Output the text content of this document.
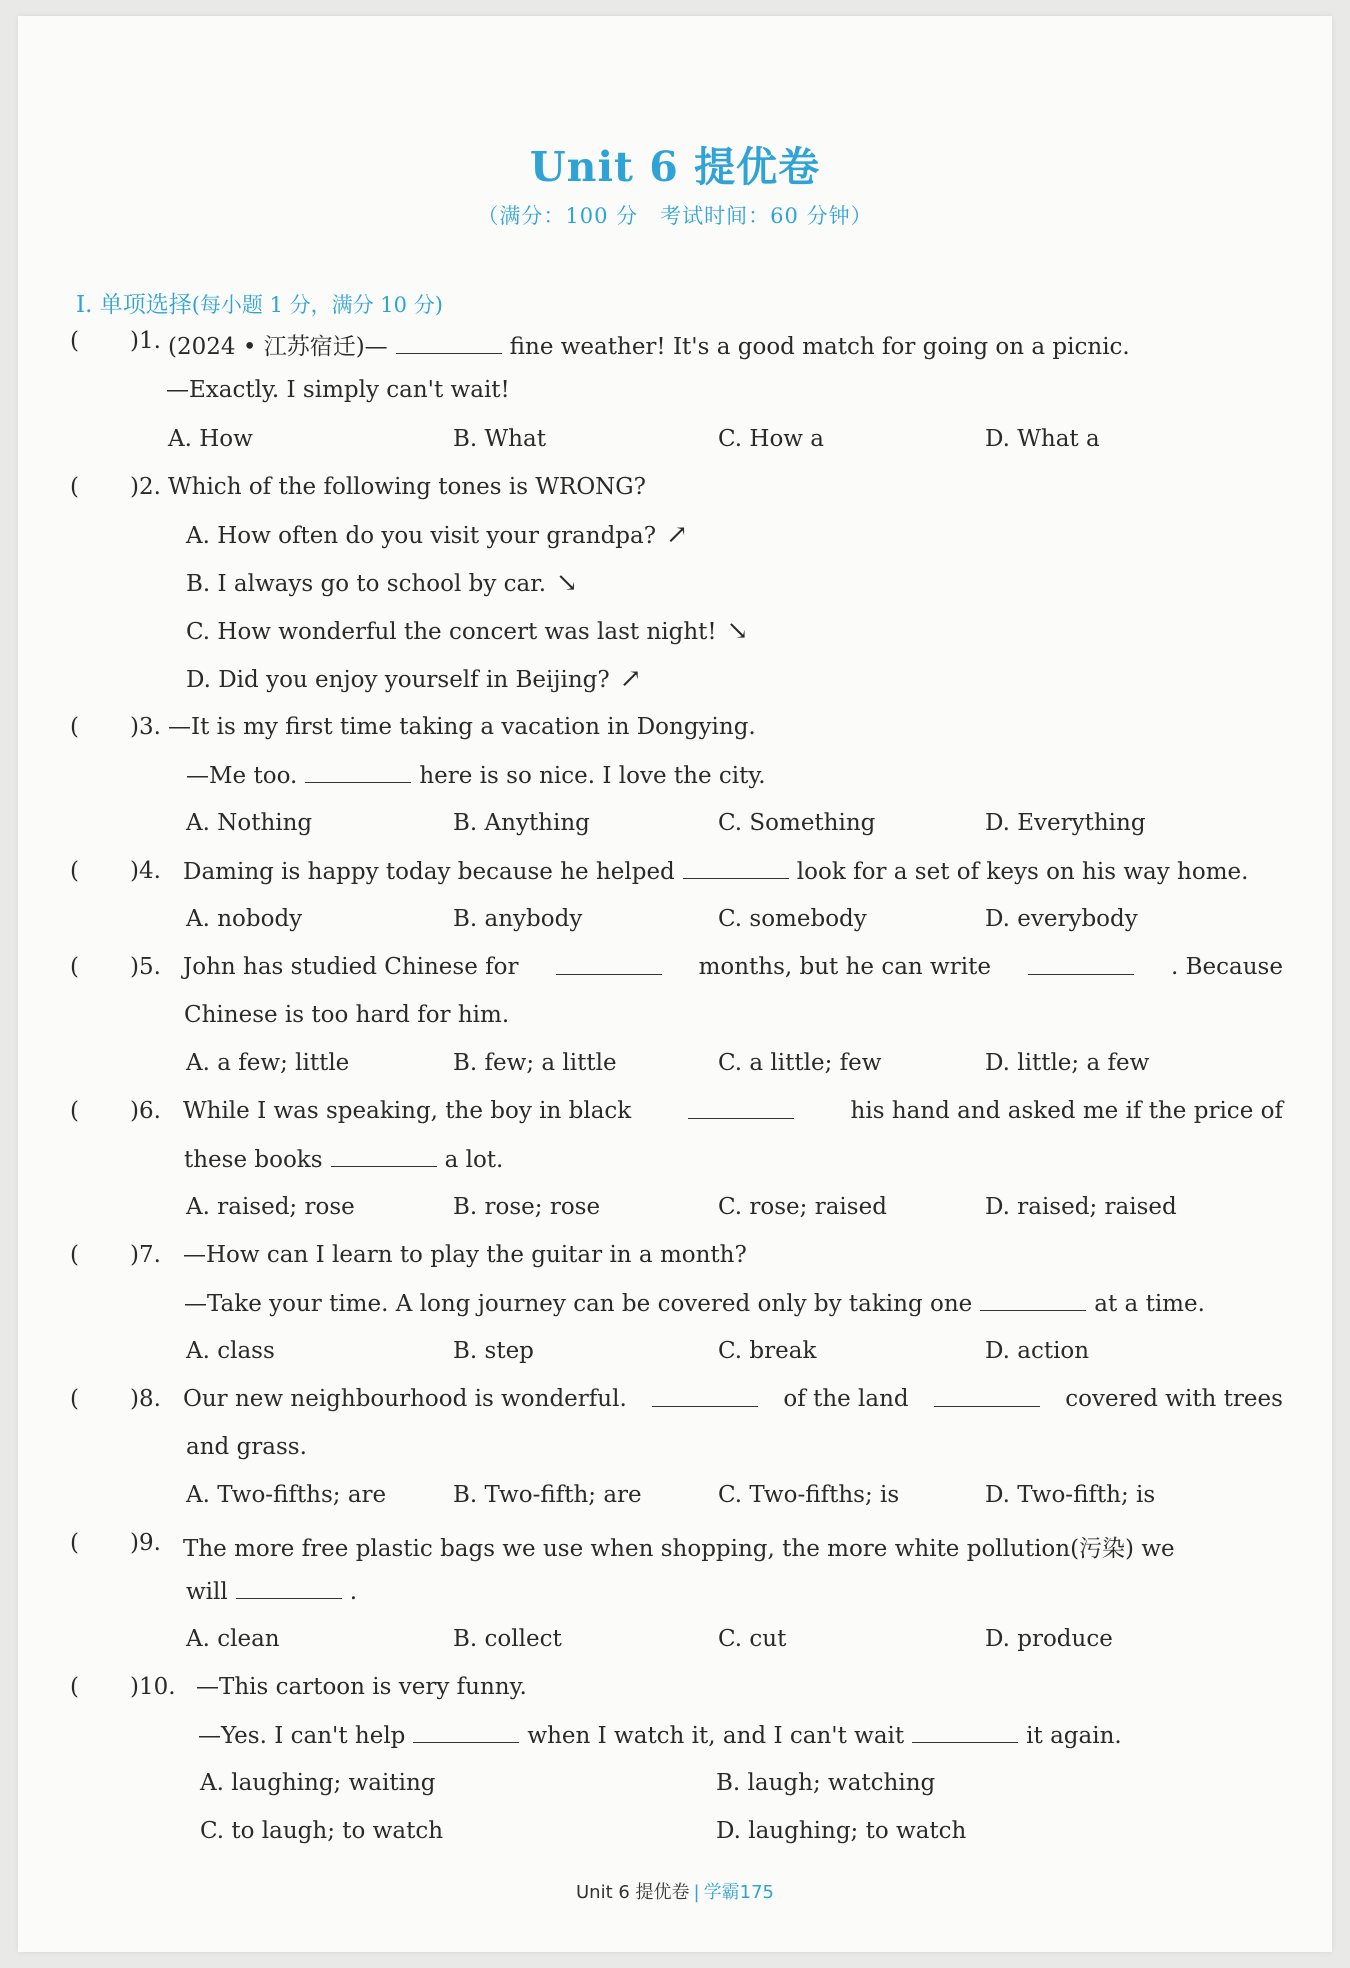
Unit 6 提优卷
（满分：100 分　考试时间：60 分钟）
Ⅰ. 单项选择(每小题 1 分，满分 10 分)
( )1. (2024 • 江苏宿迁)—	fine weather! It's a good match for going on a picnic.
—Exactly. I simply can't wait!
A. How	B. What	C. How a	D. What a
( )2. Which of the following tones is WRONG?
A. How often do you visit your grandpa? ↗
B. I always go to school by car. ↘
C. How wonderful the concert was last night! ↘
D. Did you enjoy yourself in Beijing? ↗
( )3. —It is my first time taking a vacation in Dongying.
—Me too.	here is so nice. I love the city.
A. Nothing	B. Anything	C. Something	D. Everything
( )4. Daming is happy today because he helped	look for a set of keys on his way home.
A. nobody	B. anybody	C. somebody	D. everybody
( )5. John has studied Chinese for	months, but he can write	. Because
Chinese is too hard for him.
A. a few; little	B. few; a little	C. a little; few	D. little; a few
( )6. While I was speaking, the boy in black	his hand and asked me if the price of
these books	a lot.
A. raised; rose	B. rose; rose	C. rose; raised	D. raised; raised
( )7. —How can I learn to play the guitar in a month?
—Take your time. A long journey can be covered only by taking one	at a time.
A. class	B. step	C. break	D. action
( )8. Our new neighbourhood is wonderful.	of the land	covered with trees
and grass.
A. Two-fifths; are	B. Two-fifth; are	C. Two-fifths; is	D. Two-fifth; is
( )9. The more free plastic bags we use when shopping, the more white pollution(污染) we
will	.
A. clean	B. collect	C. cut	D. produce
( )10. —This cartoon is very funny.
—Yes. I can't help	when I watch it, and I can't wait	it again.
A. laughing; waiting	B. laugh; watching
C. to laugh; to watch	D. laughing; to watch
Unit 6 提优卷 | 学霸175
